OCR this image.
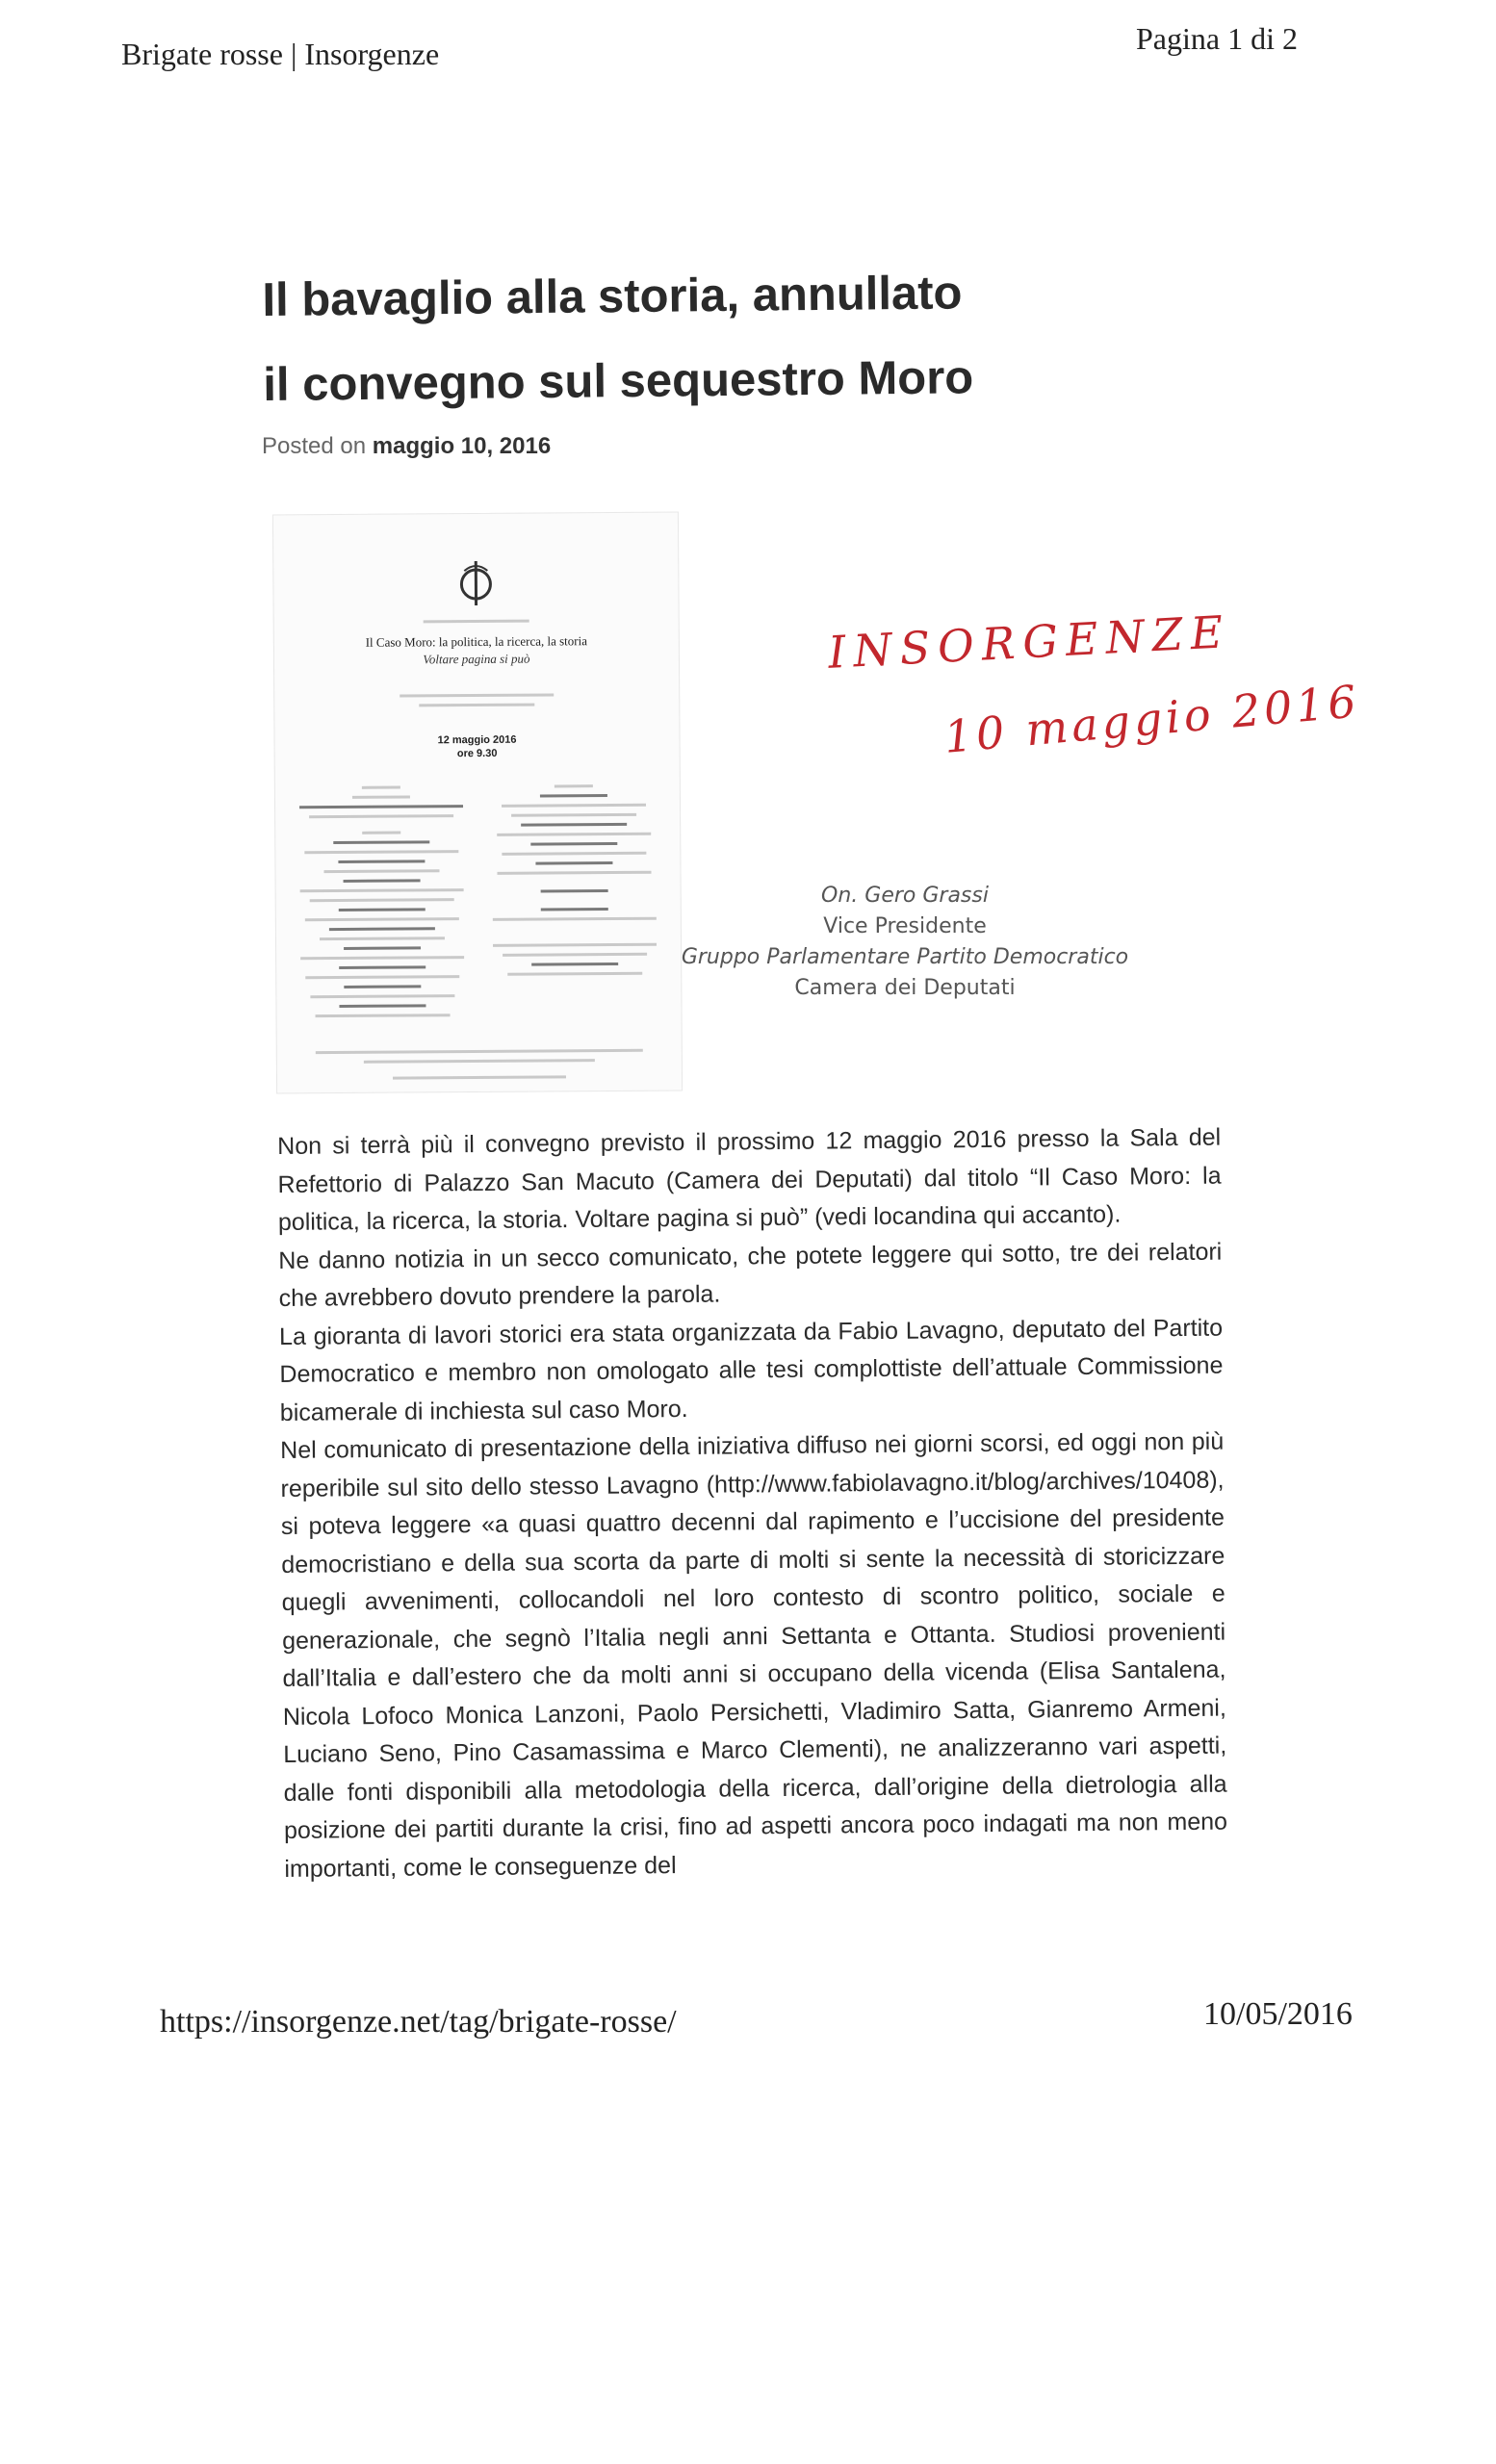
Brigate rosse | Insorgenze	Pagina 1 di 2
Il bavaglio alla storia, annullato
il convegno sul sequestro Moro
Posted on maggio 10, 2016
Il Caso Moro: la politica, la ricerca, la storia
Voltare pagina si può
12 maggio 2016
ore 9.30
INSORGENZE
10 maggio 2016
On. Gero Grassi
Vice Presidente
Gruppo Parlamentare Partito Democratico
Camera dei Deputati

Non si terrà più il convegno previsto il prossimo 12 maggio 2016 presso la Sala del Refettorio di Palazzo San Macuto (Camera dei Deputati) dal titolo “Il Caso Moro: la politica, la ricerca, la storia. Voltare pagina si può” (vedi locandina qui accanto).

Ne danno notizia in un secco comunicato, che potete leggere qui sotto, tre dei relatori che avrebbero dovuto prendere la parola.

La gioranta di lavori storici era stata organizzata da Fabio Lavagno, deputato del Partito Democratico e membro non omologato alle tesi complottiste dell’attuale Commissione bicamerale di inchiesta sul caso Moro.

Nel comunicato di presentazione della iniziativa diffuso nei giorni scorsi, ed oggi non più reperibile sul sito dello stesso Lavagno (http://www.fabiolavagno.it/blog/archives/10408), si poteva leggere «a quasi quattro decenni dal rapimento e l’uccisione del presidente democristiano e della sua scorta da parte di molti si sente la necessità di storicizzare quegli avvenimenti, collocandoli nel loro contesto di scontro politico, sociale e generazionale, che segnò l’Italia negli anni Settanta e Ottanta. Studiosi provenienti dall’Italia e dall’estero che da molti anni si occupano della vicenda (Elisa Santalena, Nicola Lofoco Monica Lanzoni, Paolo Persichetti, Vladimiro Satta, Gianremo Armeni, Luciano Seno, Pino Casamassima e Marco Clementi), ne analizzeranno vari aspetti, dalle fonti disponibili alla metodologia della ricerca, dall’origine della dietrologia alla posizione dei partiti durante la crisi, fino ad aspetti ancora poco indagati ma non meno importanti, come le conseguenze del

https://insorgenze.net/tag/brigate-rosse/	10/05/2016
